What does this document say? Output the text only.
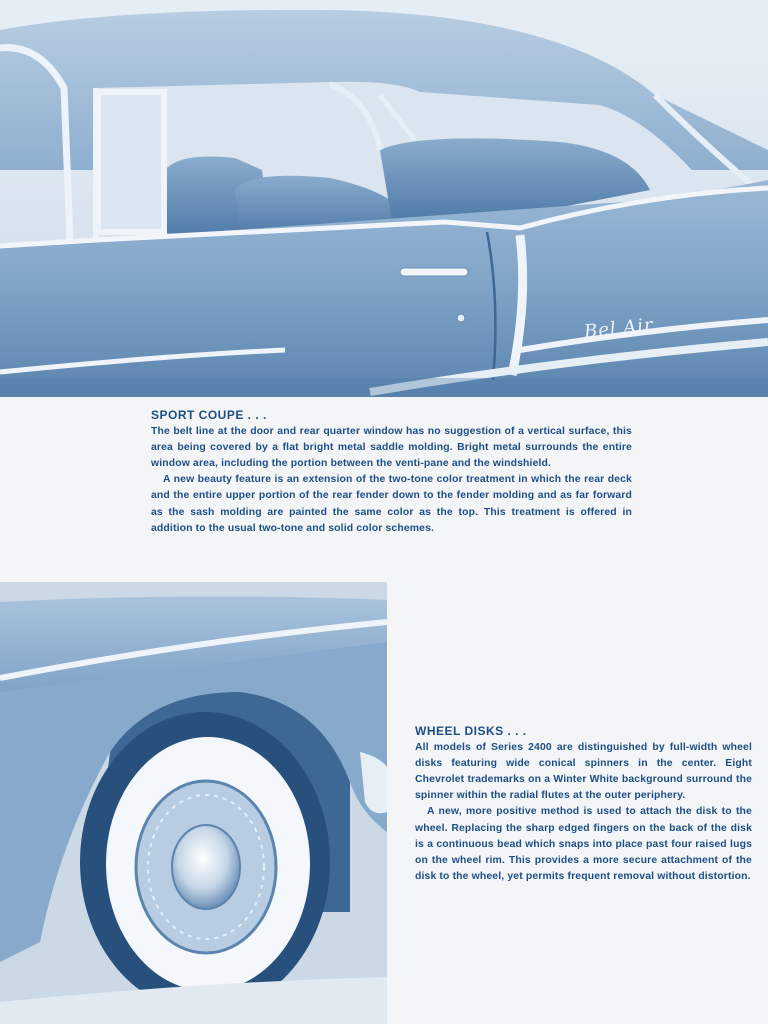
Bel Air
SPORT COUPE . . .

The belt line at the door and rear quarter window has no suggestion of a vertical surface, this area being covered by a flat bright metal saddle molding. Bright metal surrounds the entire window area, including the portion between the venti-pane and the windshield.

A new beauty feature is an extension of the two-tone color treatment in which the rear deck and the entire upper portion of the rear fender down to the fender molding and as far forward as the sash molding are painted the same color as the top. This treatment is offered in addition to the usual two-tone and solid color schemes.

WHEEL DISKS . . .

All models of Series 2400 are distinguished by full-width wheel disks featuring wide conical spinners in the center. Eight Chevrolet trademarks on a Winter White background surround the spinner within the radial flutes at the outer periphery.

A new, more positive method is used to attach the disk to the wheel. Replacing the sharp edged fingers on the back of the disk is a continuous bead which snaps into place past four raised lugs on the wheel rim. This provides a more secure attachment of the disk to the wheel, yet permits frequent removal without distortion.
